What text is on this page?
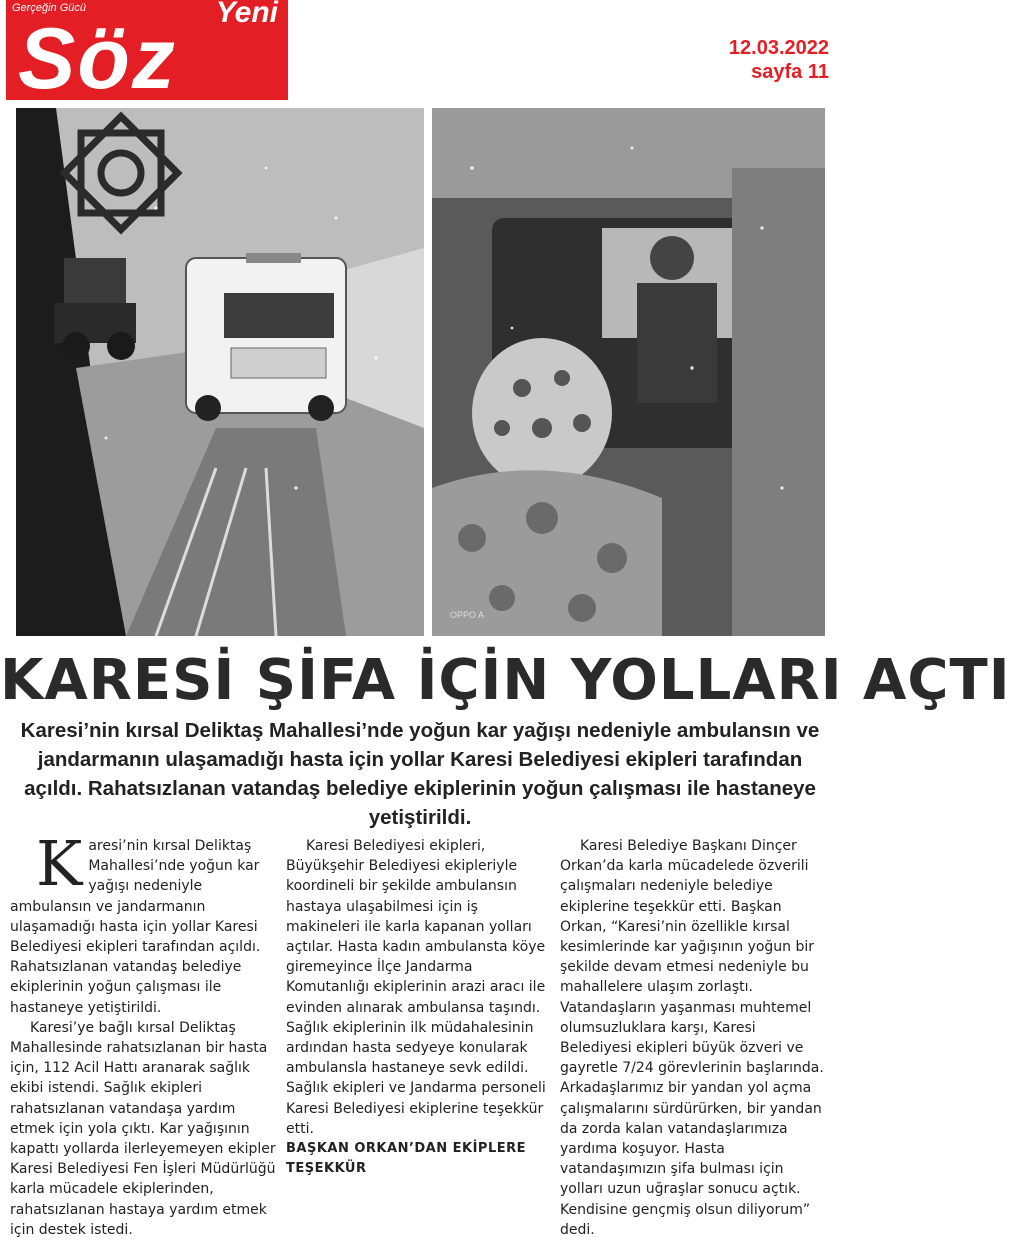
Gerçeğin Gücü	Yeni
Söz	12.03.2022
sayfa 11
OPPO A
KARESİ ŞİFA İÇİN YOLLARI AÇTI
Karesi’nin kırsal Deliktaş Mahallesi’nde yoğun kar yağışı nedeniyle ambulansın ve jandarmanın ulaşamadığı hasta için yollar Karesi Belediyesi ekipleri tarafından açıldı. Rahatsızlanan vatandaş belediye ekiplerinin yoğun çalışması ile hastaneye yetiştirildi.
K aresi’nin kırsal Deliktaş Mahallesi’nde yoğun kar yağışı nedeniyle ambulansın ve jandarmanın ulaşamadığı hasta için yollar Karesi Belediyesi ekipleri tarafından açıldı. Rahatsızlanan vatandaş belediye ekiplerinin yoğun çalışması ile hastaneye yetiştirildi.

Karesi’ye bağlı kırsal Deliktaş Mahallesinde rahatsızlanan bir hasta için, 112 Acil Hattı aranarak sağlık ekibi istendi. Sağlık ekipleri rahatsızlanan vatandaşa yardım etmek için yola çıktı. Kar yağışının kapattı yollarda ilerleyemeyen ekipler Karesi Belediyesi Fen İşleri Müdürlüğü karla mücadele ekiplerinden, rahatsızlanan hastaya yardım etmek için destek istedi.

Karesi Belediyesi ekipleri, Büyükşehir Belediyesi ekipleriyle koordineli bir şekilde ambulansın hastaya ulaşabilmesi için iş makineleri ile karla kapanan yolları açtılar. Hasta kadın ambulansta köye giremeyince İlçe Jandarma Komutanlığı ekiplerinin arazi aracı ile evinden alınarak ambulansa taşındı. Sağlık ekiplerinin ilk müdahalesinin ardından hasta sedyeye konularak ambulansla hastaneye sevk edildi. Sağlık ekipleri ve Jandarma personeli Karesi Belediyesi ekiplerine teşekkür etti.

BAŞKAN ORKAN’DAN EKİPLERE TEŞEKKÜR

Karesi Belediye Başkanı Dinçer Orkan’da karla mücadelede özverili çalışmaları nedeniyle belediye ekiplerine teşekkür etti. Başkan Orkan, “Karesi’nin özellikle kırsal kesimlerinde kar yağışının yoğun bir şekilde devam etmesi nedeniyle bu mahallelere ulaşım zorlaştı. Vatandaşların yaşanması muhtemel olumsuzluklara karşı, Karesi Belediyesi ekipleri büyük özveri ve gayretle 7/24 görevlerinin başlarında. Arkadaşlarımız bir yandan yol açma çalışmalarını sürdürürken, bir yandan da zorda kalan vatandaşlarımıza yardıma koşuyor. Hasta vatandaşımızın şifa bulması için yolları uzun uğraşlar sonucu açtık. Kendisine gençmiş olsun diliyorum” dedi.
